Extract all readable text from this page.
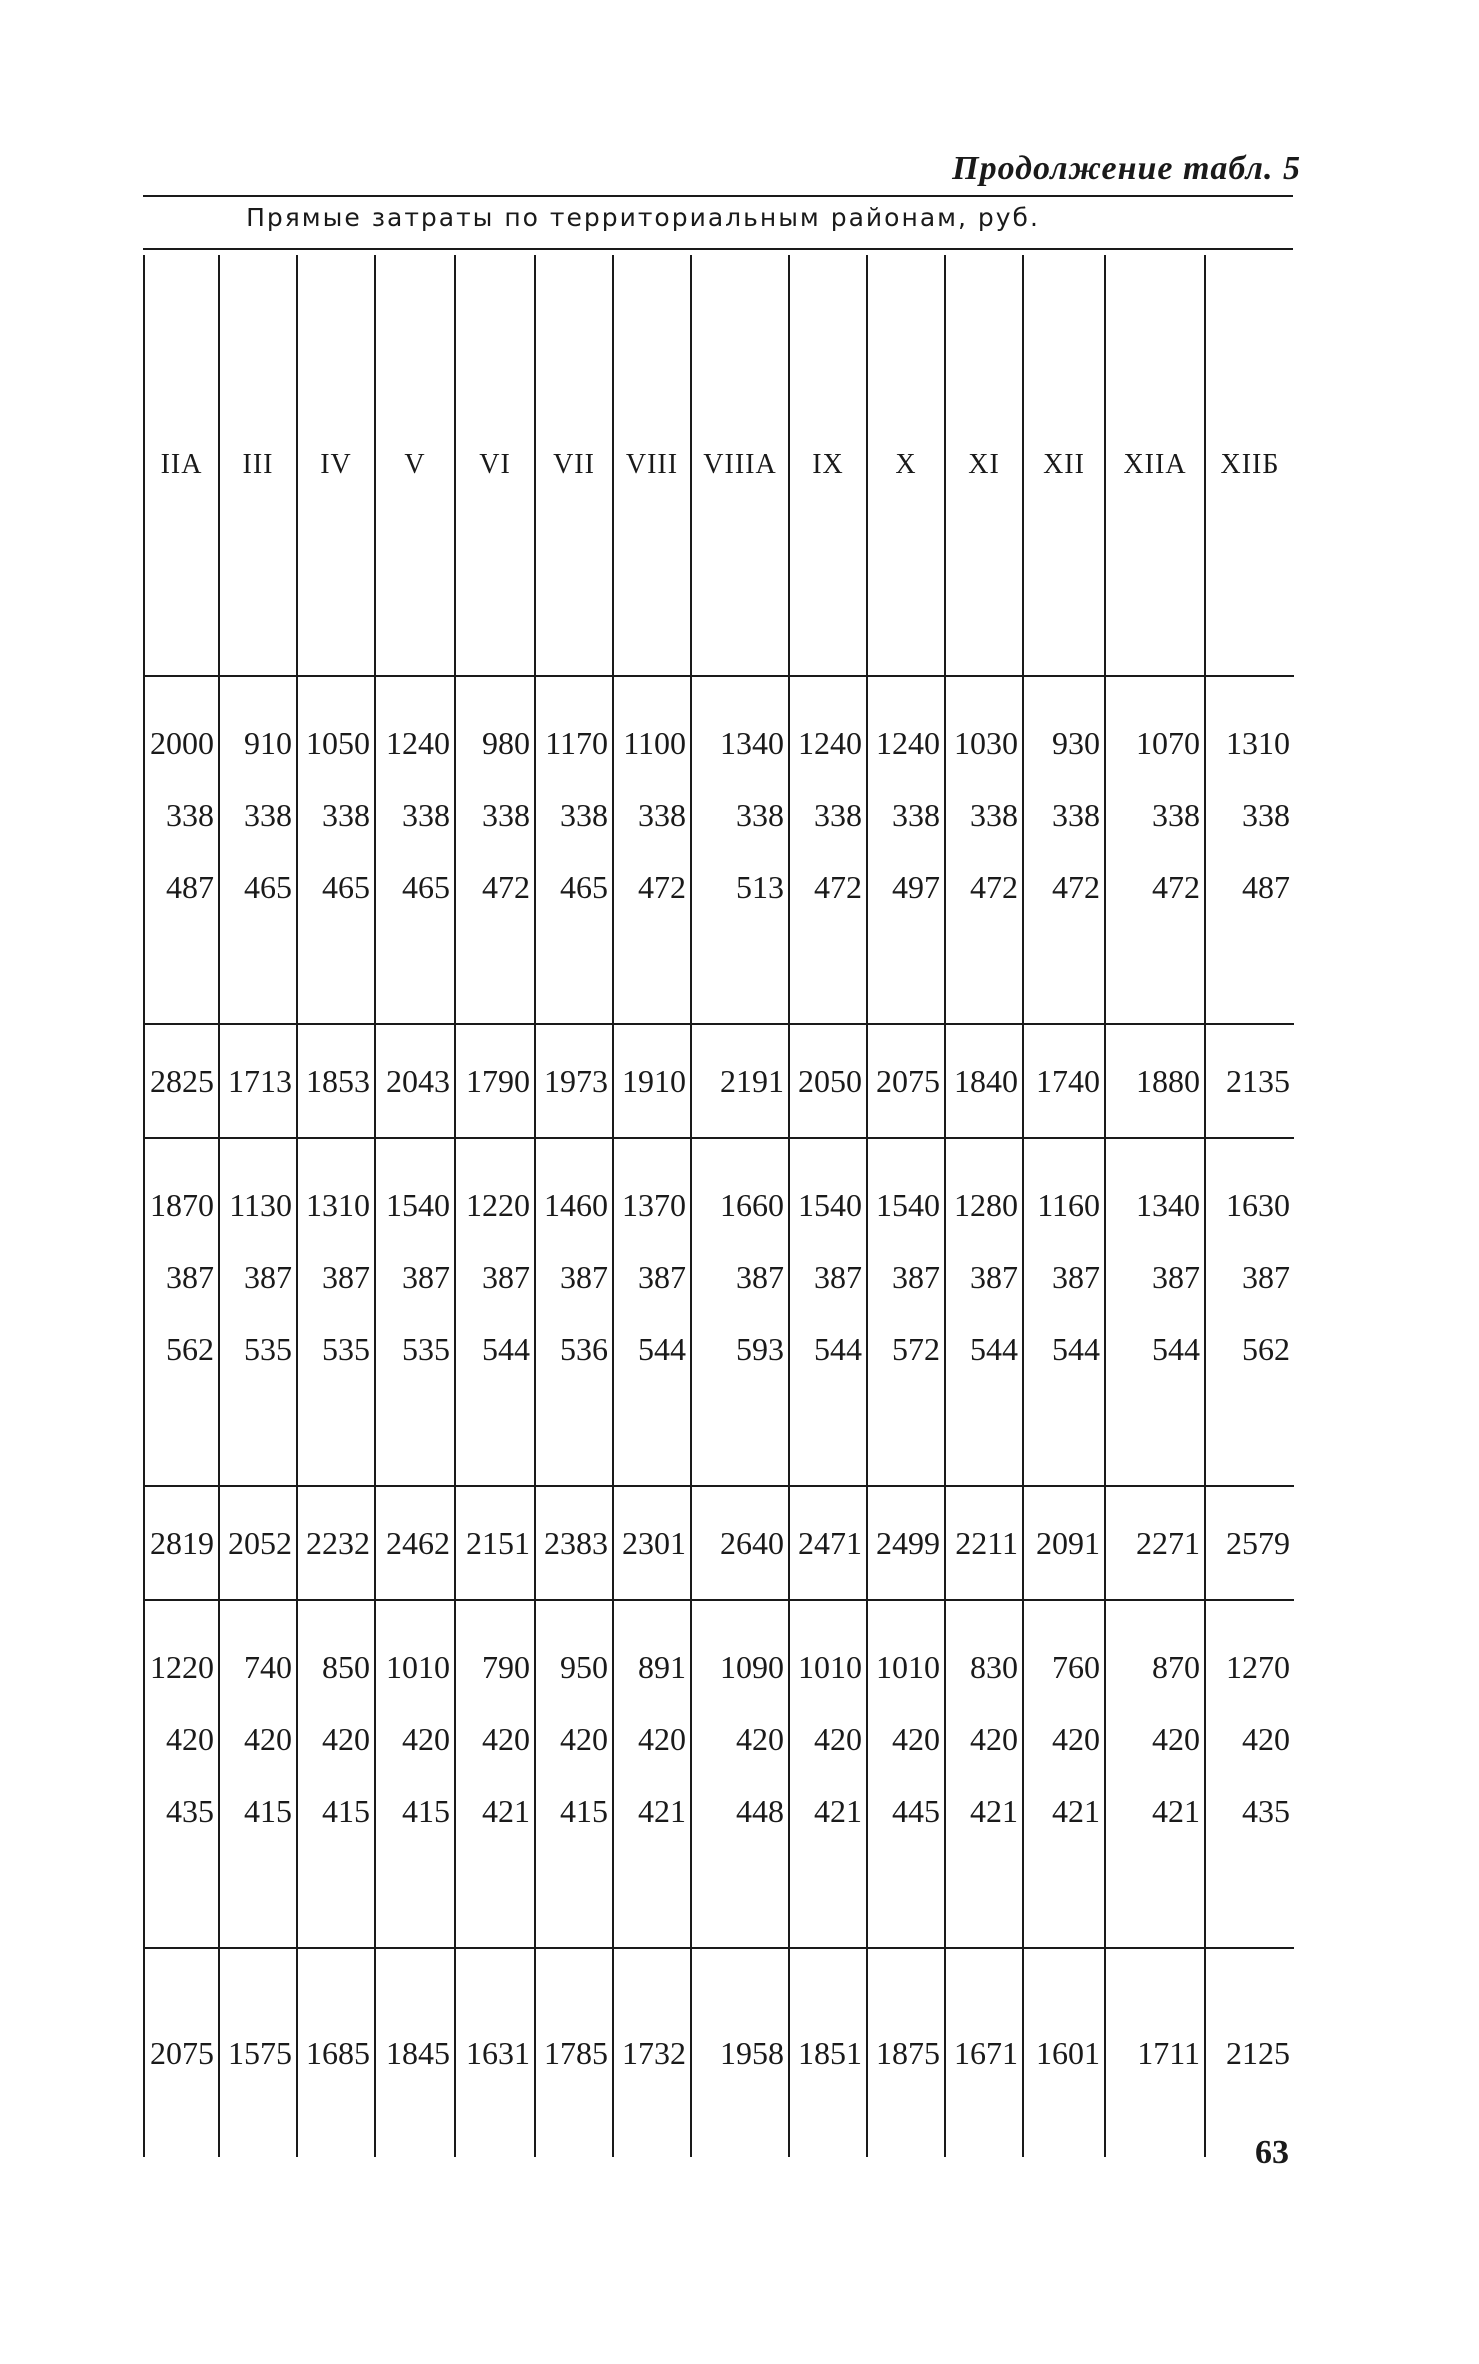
Продолжение табл. 5
Прямые затраты по территориальным районам, руб.
IIА	III	IV	V	VI	VII	VIII	VIIIА	IX	X	XI	XII	XIIА	XIIБ
2000	910	1050	1240	980	1170	1100	1340	1240	1240	1030	930	1070	1310
338	338	338	338	338	338	338	338	338	338	338	338	338	338
487	465	465	465	472	465	472	513	472	497	472	472	472	487

2825	1713	1853	2043	1790	1973	1910	2191	2050	2075	1840	1740	1880	2135
1870	1130	1310	1540	1220	1460	1370	1660	1540	1540	1280	1160	1340	1630
387	387	387	387	387	387	387	387	387	387	387	387	387	387
562	535	535	535	544	536	544	593	544	572	544	544	544	562

2819	2052	2232	2462	2151	2383	2301	2640	2471	2499	2211	2091	2271	2579
1220	740	850	1010	790	950	891	1090	1010	1010	830	760	870	1270
420	420	420	420	420	420	420	420	420	420	420	420	420	420
435	415	415	415	421	415	421	448	421	445	421	421	421	435

2075	1575	1685	1845	1631	1785	1732	1958	1851	1875	1671	1601	1711	2125
63
